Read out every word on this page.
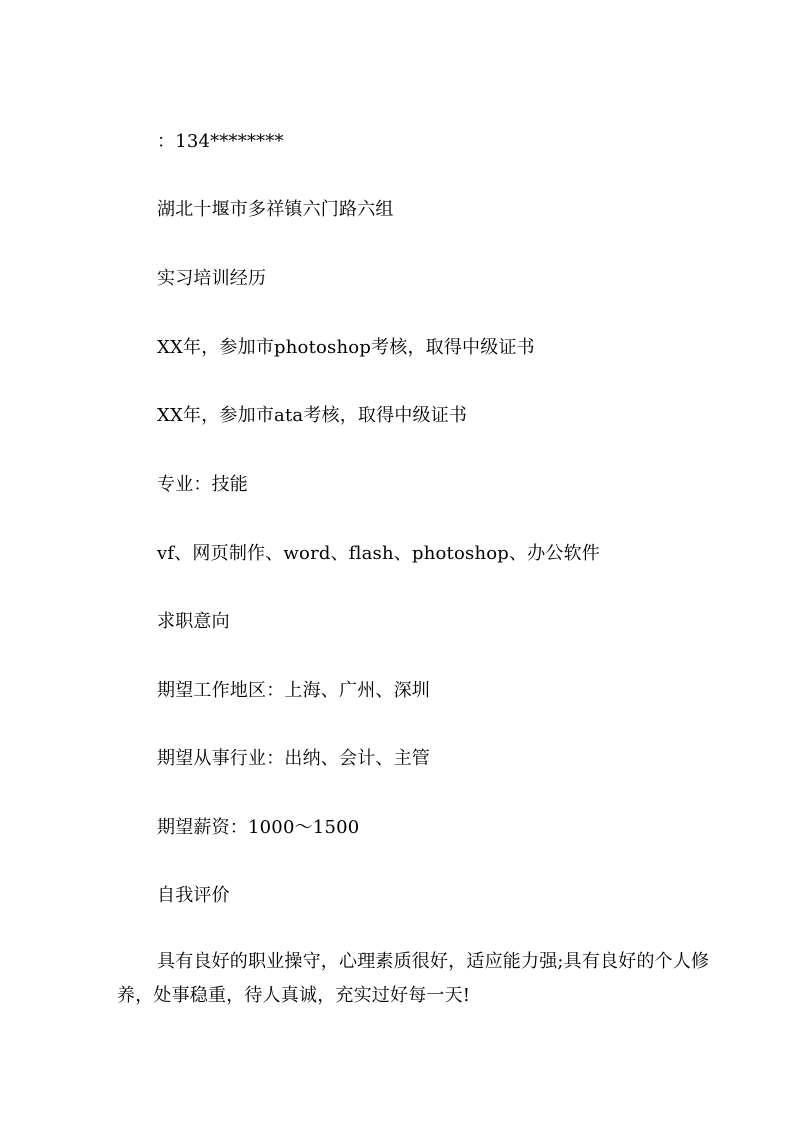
：134********
湖北十堰市多祥镇六门路六组
实习培训经历
XX年，参加市photoshop考核，取得中级证书
XX年，参加市ata考核，取得中级证书
专业：技能
vf、网页制作、word、flash、photoshop、办公软件
求职意向
期望工作地区：上海、广州、深圳
期望从事行业：出纳、会计、主管
期望薪资：1000～1500
自我评价
具有良好的职业操守，心理素质很好，适应能力强;具有良好的个人修养，处事稳重，待人真诚，充实过好每一天!
